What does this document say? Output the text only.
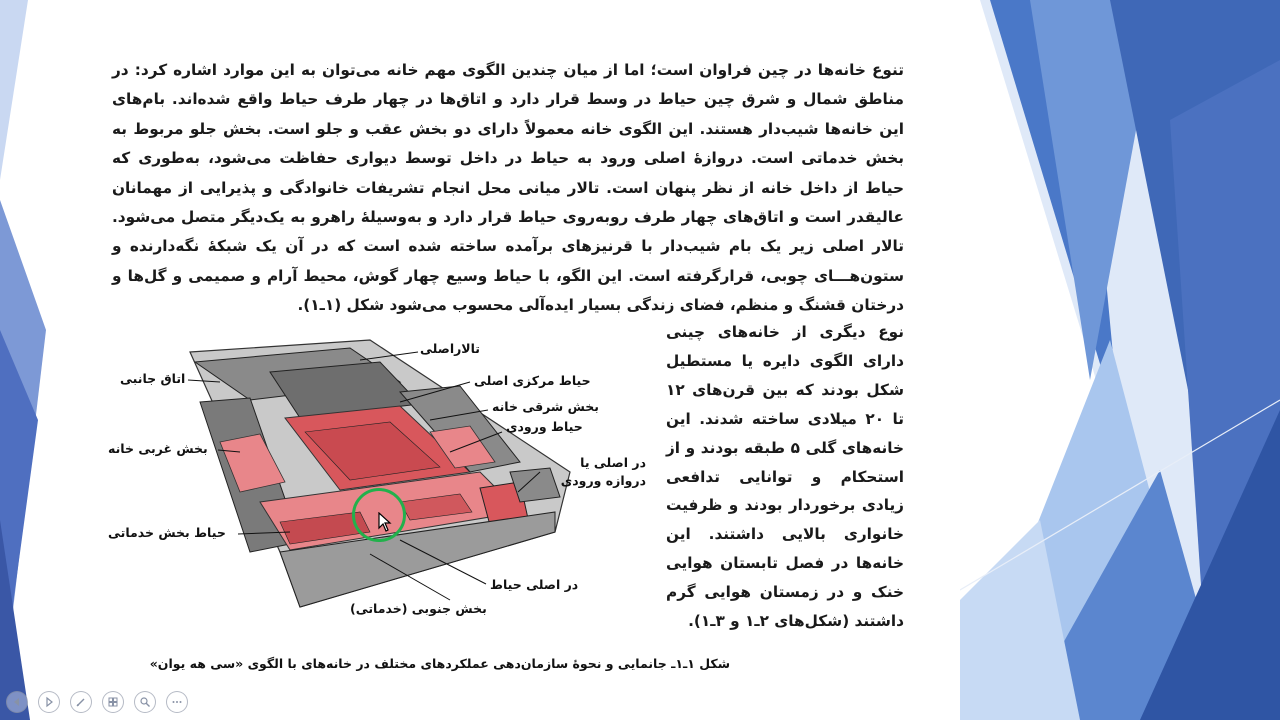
تنوع خانه‌ها در چین فراوان است؛ اما از میان چندین الگوی مهم خانه می‌توان به این موارد اشاره کرد: در مناطق شمال و شرق چین حیاط در وسط قرار دارد و اتاق‌ها در چهار طرف حیاط واقع شده‌اند. بام‌های این خانه‌ها شیب‌دار هستند. این الگوی خانه معمولاً دارای دو بخش عقب و جلو است. بخش جلو مربوط به بخش خدماتی است. دروازهٔ اصلی ورود به حیاط در داخل توسط دیواری حفاظت می‌شود، به‌طوری که حیاط از داخل خانه از نظر پنهان است. تالار میانی محل انجام تشریفات خانوادگی و پذیرایی از مهمانان عالیقدر است و اتاق‌های چهار طرف روبه‌روی حیاط قرار دارد و به‌وسیلهٔ راهرو به یک‌دیگر متصل می‌شود. تالار اصلی زیر یک بام شیب‌دار با قرنیزهای برآمده ساخته شده است که در آن یک شبکهٔ نگه‌دارنده و ستون‌هـــای چوبی، قرارگرفته است. این الگو، با حیاط وسیع چهار گوش، محیط آرام و صمیمی و گل‌ها و درختان قشنگ و منظم، فضای زندگی بسیار ایده‌آلی محسوب می‌شود شکل (۱ـ۱).

نوع دیگری از خانه‌های چینی دارای الگوی دایره یا مستطیل شکل بودند که بین قرن‌های ۱۲ تا ۲۰ میلادی ساخته شدند. این خانه‌های گلی ۵ طبقه بودند و از استحکام و توانایی تدافعی زیادی برخوردار بودند و ظرفیت خانواری بالایی داشتند. این خانه‌ها در فصل تابستان هوایی خنک و در زمستان هوایی گرم داشتند (شکل‌های ۲ـ۱ و ۳ـ۱).

تالاراصلی
اتاق جانبی	حیاط مرکزی اصلی
بخش شرقی خانه
حیاط ورودی
بخش غربی خانه
در اصلی یا دروازه ورودی
حیاط بخش خدماتی
در اصلی حیاط
بخش جنوبی (خدماتی)
شکل ۱ـ۱ـ جانمایی و نحوهٔ سازمان‌دهی عملکردهای مختلف در خانه‌های با الگوی «سی هه یوان»
